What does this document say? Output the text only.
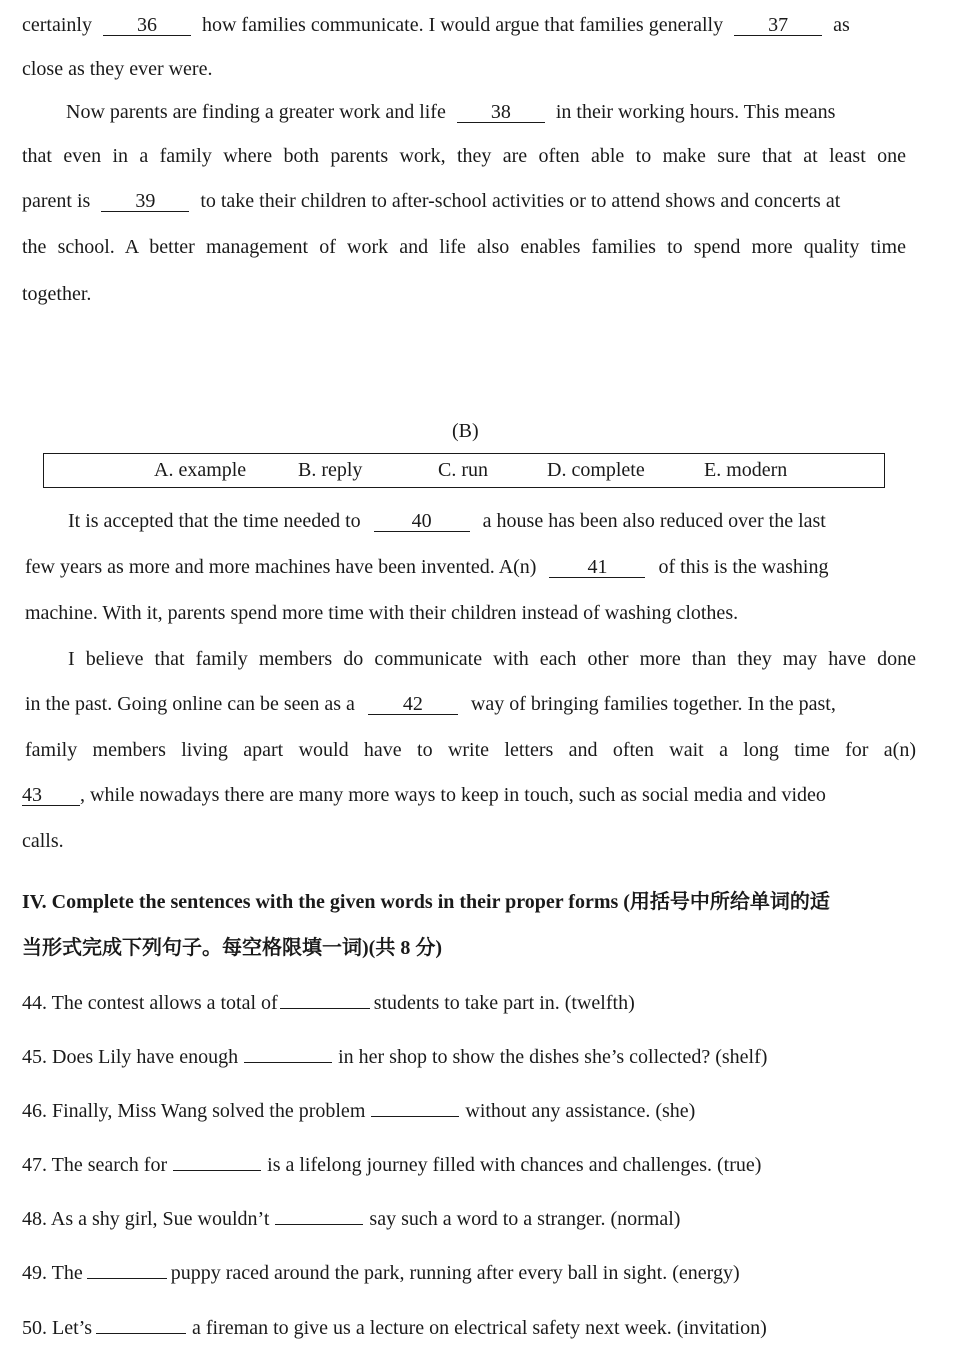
certainly 36 how families communicate. I would argue that families generally 37 as
close as they ever were.
Now parents are finding a greater work and life 38 in their working hours. This means
that even in a family where both parents work, they are often able to make sure that at least one
parent is 39 to take their children to after-school activities or to attend shows and concerts at
the school. A better management of work and life also enables families to spend more quality time
together.
(B)
A. example	B. reply	C. run	D. complete	E. modern
It is accepted that the time needed to	40	a house has been also reduced over the last
few years as more and more machines have been invented. A(n)	41	of this is the washing
machine. With it, parents spend more time with their children instead of washing clothes.
I believe that family members do communicate with each other more than they may have done
in the past. Going online can be seen as a 42 way of bringing families together. In the past,
family members living apart would have to write letters and often wait a long time for a(n)
43 , while nowadays there are many more ways to keep in touch, such as social media and video
calls.
IV. Complete the sentences with the given words in their proper forms (用括号中所给单词的适
当形式完成下列句子。每空格限填一词)(共 8 分)
44. The contest allows a total of	students to take part in. (twelfth)
45. Does Lily have enough	in her shop to show the dishes she’s collected? (shelf)
46. Finally, Miss Wang solved the problem	without any assistance. (she)
47. The search for	is a lifelong journey filled with chances and challenges. (true)
48. As a shy girl, Sue wouldn’t	say such a word to a stranger. (normal)
49. The	puppy raced around the park, running after every ball in sight. (energy)
50. Let’s	a fireman to give us a lecture on electrical safety next week. (invitation)
